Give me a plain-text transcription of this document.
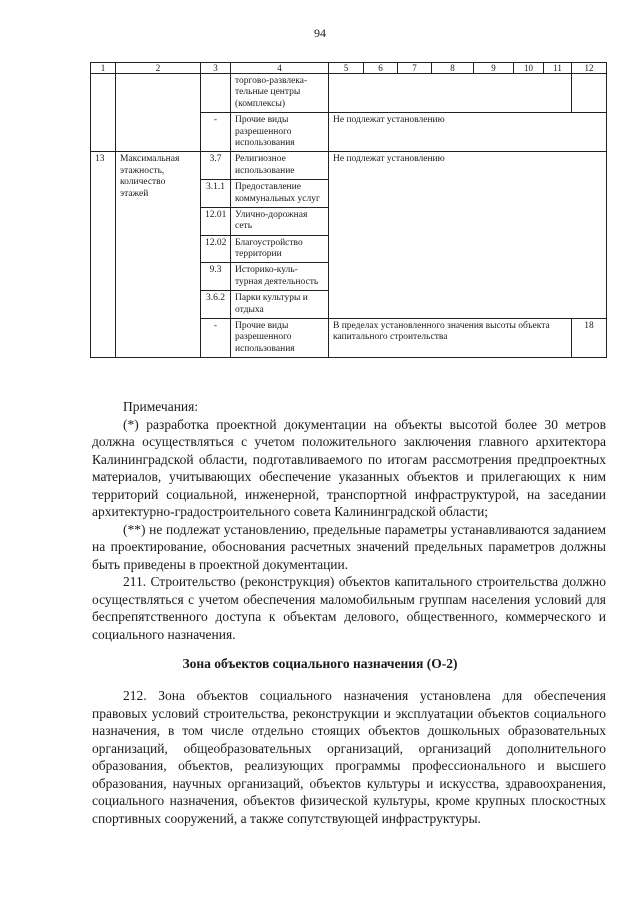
94
1	2	3	4	5	6	7	8	9	10	11	12
			торгово-развлека-тельные центры (комплексы)								
		-	Прочие виды разрешенного использования	Не подлежат установлению							
13	Максимальная этажность, количество этажей	3.7	Религиозное использование	Не подлежат установлению							
		3.1.1	Предоставление коммунальных услуг								
		12.01	Улично-дорожная сеть								
		12.02	Благоустройство территории								
		9.3	Историко-куль-турная деятельность								
		3.6.2	Парки культуры и отдыха								
		-	Прочие виды разрешенного использования	В пределах установленного значения высоты объекта капитального строительства							18

Примечания:

(*) разработка проектной документации на объекты высотой более 30 метров должна осуществляться с учетом положительного заключения главного архитектора Калининградской области, подготавливаемого по итогам рассмотрения предпроектных материалов, учитывающих обеспечение указанных объектов и прилегающих к ним территорий социальной, инженерной, транспортной инфраструктурой, на заседании архитектурно-градостроительного совета Калининградской области;

(**) не подлежат установлению, предельные параметры устанавливаются заданием на проектирование, обоснования расчетных значений предельных параметров должны быть приведены в проектной документации.

211. Строительство (реконструкция) объектов капитального строительства должно осуществляться с учетом обеспечения маломобильным группам населения условий для беспрепятственного доступа к объектам делового, общественного, коммерческого и социального назначения.

Зона объектов социального назначения (О-2)

212. Зона объектов социального назначения установлена для обеспечения правовых условий строительства, реконструкции и эксплуатации объектов социального назначения, в том числе отдельно стоящих объектов дошкольных образовательных организаций, общеобразовательных организаций, организаций дополнительного образования, объектов, реализующих программы профессионального и высшего образования, научных организаций, объектов культуры и искусства, здравоохранения, социального назначения, объектов физической культуры, кроме крупных плоскостных спортивных сооружений, а также сопутствующей инфраструктуры.
